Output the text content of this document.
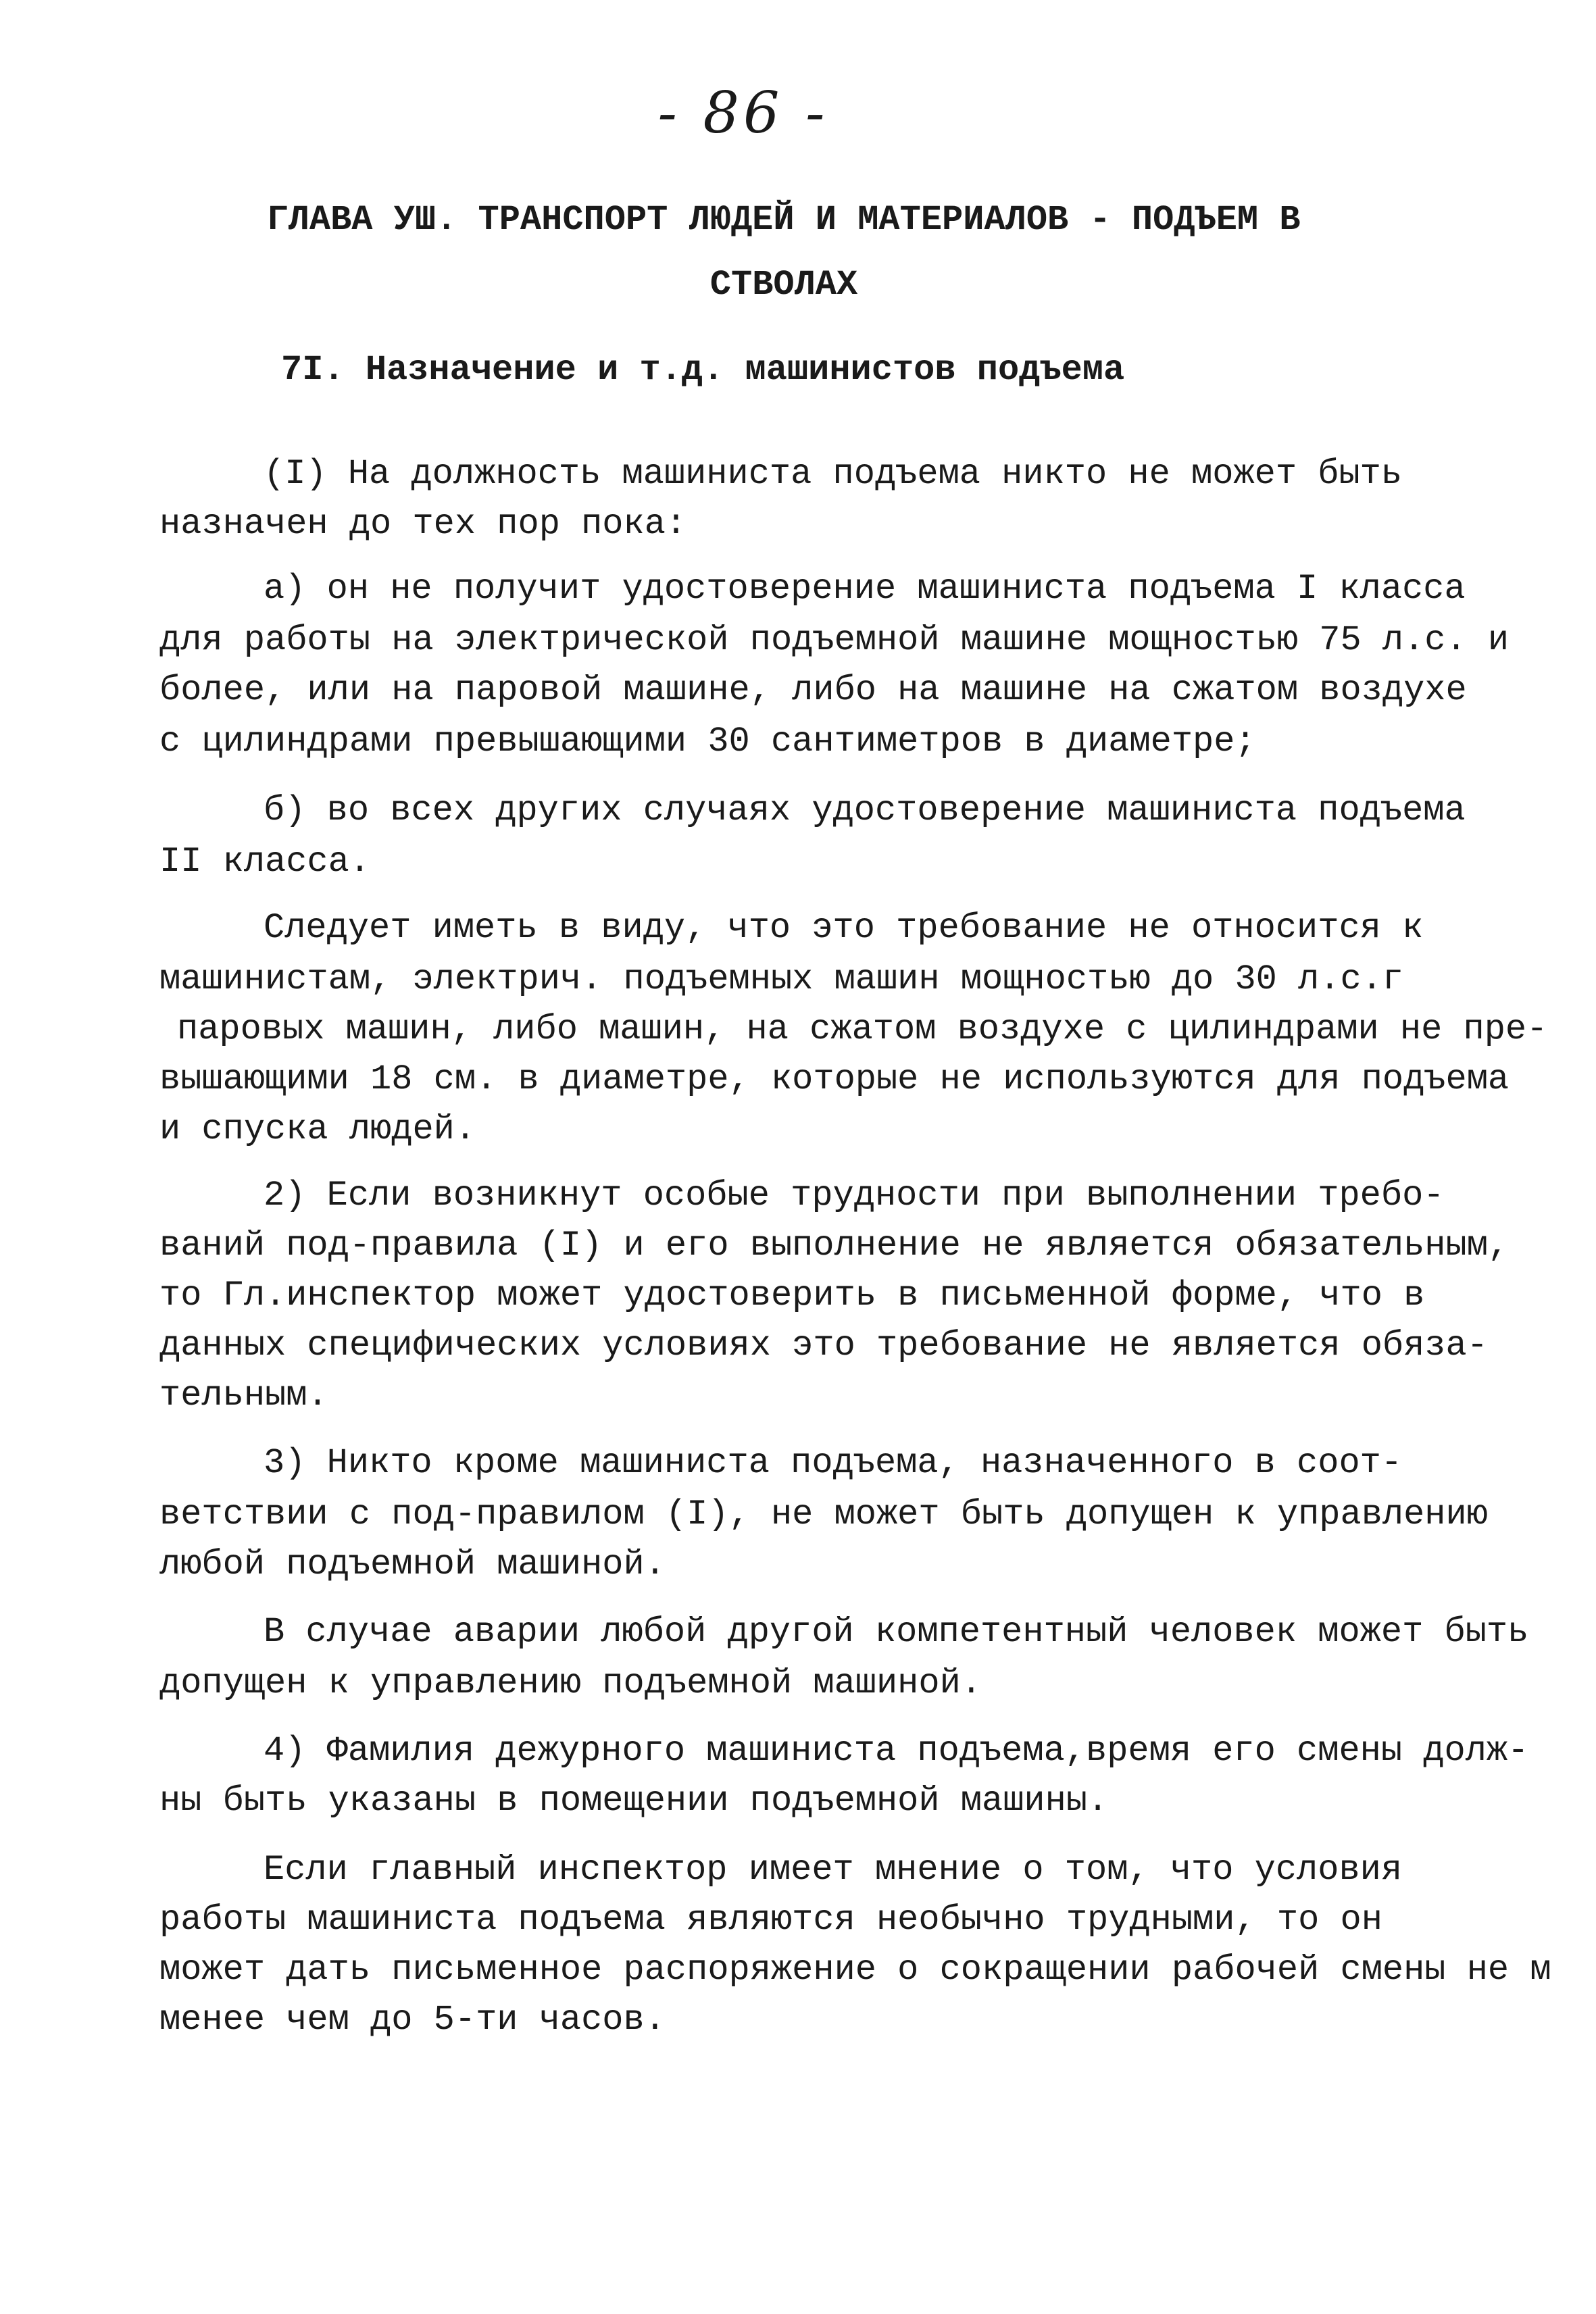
- 86 -
ГЛАВА УШ. ТРАНСПОРТ ЛЮДЕЙ И МАТЕРИАЛОВ - ПОДЪЕМ В
СТВОЛАХ
7I. Назначение и т.д. машинистов подъема
(I) На должность машиниста подъема никто не может быть
назначен до тех пор пока:
а) он не получит удостоверение машиниста подъема I класса
для работы на электрической подъемной машине мощностью 75 л.с. и
более, или на паровой машине, либо на машине на сжатом воздухе
с цилиндрами превышающими 30 сантиметров в диаметре;
б) во всех других случаях удостоверение машиниста подъема
II класса.
Следует иметь в виду, что это требование не относится к
машинистам, электрич. подъемных машин мощностью до 30 л.с.г
паровых машин, либо машин, на сжатом воздухе с цилиндрами не пре-
вышающими 18 см. в диаметре, которые не используются для подъема
и спуска людей.
2) Если возникнут особые трудности при выполнении требо-
ваний под-правила (I) и его выполнение не является обязательным,
то Гл.инспектор может удостоверить в письменной форме, что в
данных специфических условиях это требование не является обяза-
тельным.
3) Никто кроме машиниста подъема, назначенного в соот-
ветствии с под-правилом (I), не может быть допущен к управлению
любой подъемной машиной.
В случае аварии любой другой компетентный человек может быть
допущен к управлению подъемной машиной.
4) Фамилия дежурного машиниста подъема,время его смены долж-
ны быть указаны в помещении подъемной машины.
Если главный инспектор имеет мнение о том, что условия
работы машиниста подъема являются необычно трудными, то он
может дать письменное распоряжение о сокращении рабочей смены не м
менее чем до 5-ти часов.
